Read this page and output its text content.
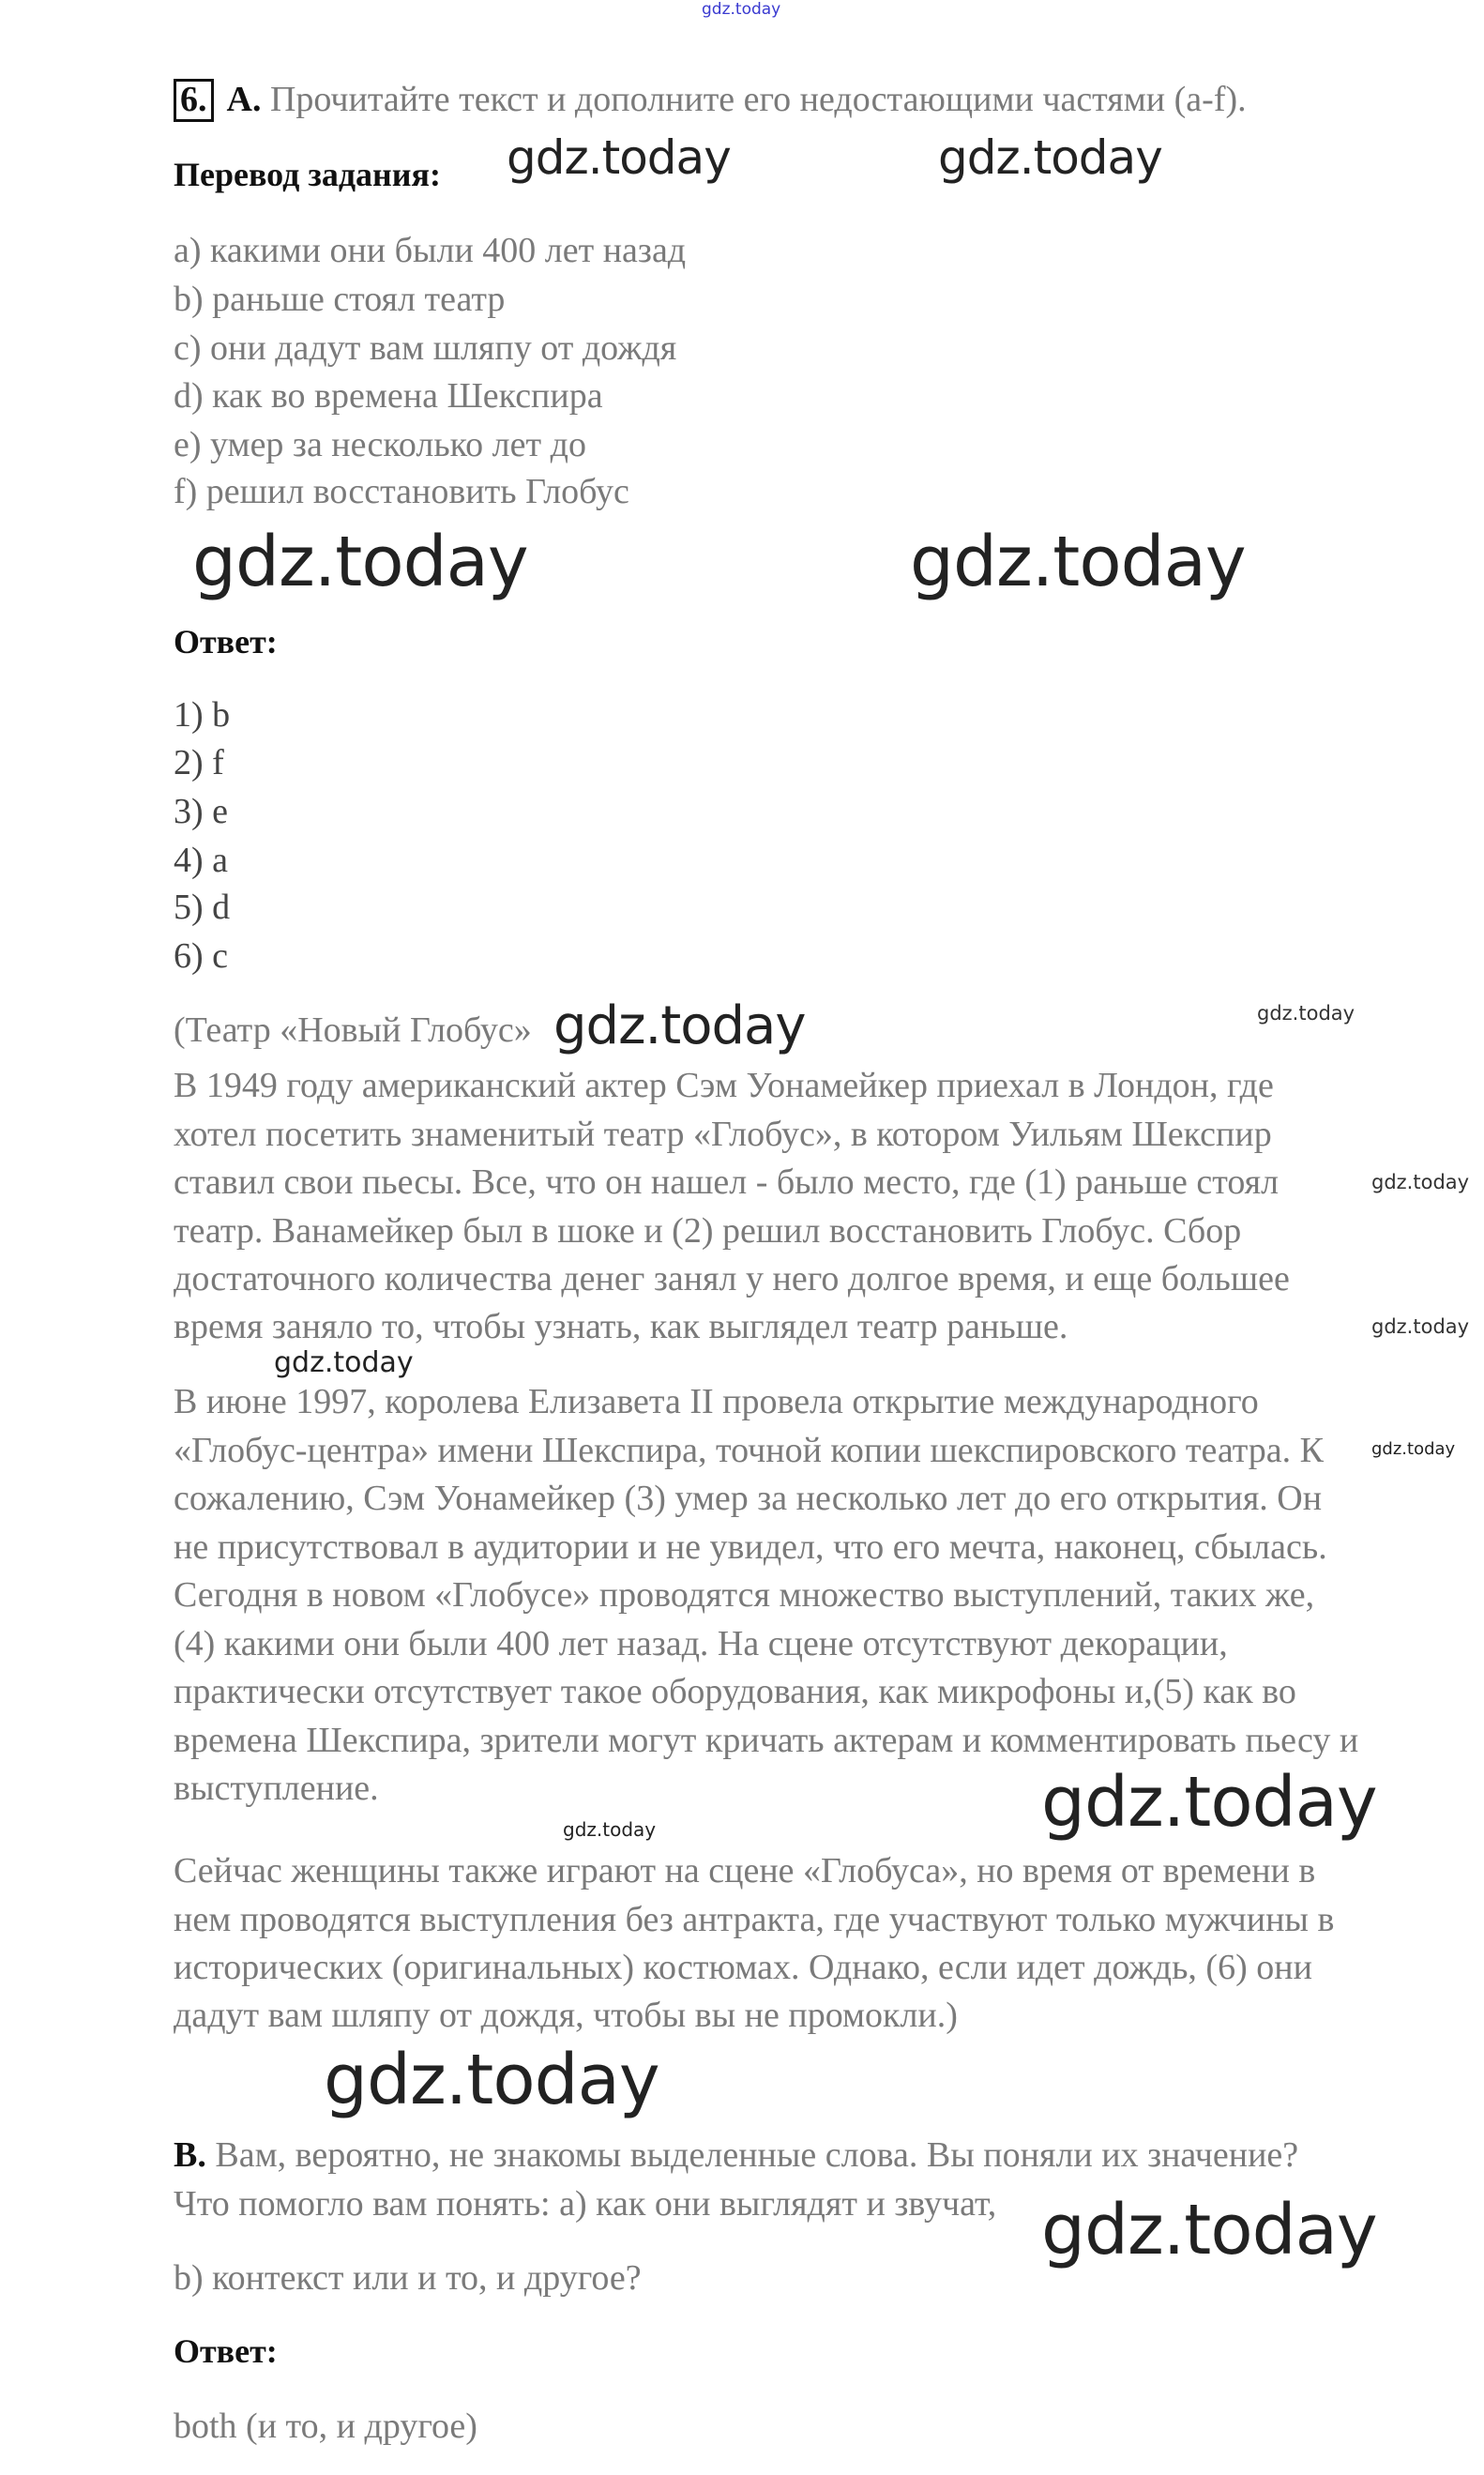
gdz.today
6. A. Прочитайте текст и дополните его недостающими частями (a-f).
Перевод задания:
a) какими они были 400 лет назад
b) раньше стоял театр
c) они дадут вам шляпу от дождя
d) как во времена Шекспира
e) умер за несколько лет до
f) решил восстановить Глобус
Ответ:
1) b
2) f
3) e
4) a
5) d
6) c
(Театр «Новый Глобус»
В 1949 году американский актер Сэм Уонамейкер приехал в Лондон, где
хотел посетить знаменитый театр «Глобус», в котором Уильям Шекспир
ставил свои пьесы. Все, что он нашел - было место, где (1) раньше стоял
театр. Ванамейкер был в шоке и (2) решил восстановить Глобус. Сбор
достаточного количества денег занял у него долгое время, и еще большее
время заняло то, чтобы узнать, как выглядел театр раньше.
В июне 1997, королева Елизавета II провела открытие международного
«Глобус-центра» имени Шекспира, точной копии шекспировского театра. К
сожалению, Сэм Уонамейкер (3) умер за несколько лет до его открытия. Он
не присутствовал в аудитории и не увидел, что его мечта, наконец, сбылась.
Сегодня в новом «Глобусе» проводятся множество выступлений, таких же,
(4) какими они были 400 лет назад. На сцене отсутствуют декорации,
практически отсутствует такое оборудования, как микрофоны и,(5) как во
времена Шекспира, зрители могут кричать актерам и комментировать пьесу и
выступление.
Сейчас женщины также играют на сцене «Глобуса», но время от времени в
нем проводятся выступления без антракта, где участвуют только мужчины в
исторических (оригинальных) костюмах. Однако, если идет дождь, (6) они
дадут вам шляпу от дождя, чтобы вы не промокли.)
B. Вам, вероятно, не знакомы выделенные слова. Вы поняли их значение?
Что помогло вам понять: a) как они выглядят и звучат,
b) контекст или и то, и другое?
Ответ:
both (и то, и другое)
gdz.today	gdz.today
gdz.today	gdz.today
gdz.today	gdz.today
gdz.today
gdz.today
gdz.today
gdz.today
gdz.today	gdz.today
gdz.today
gdz.today
